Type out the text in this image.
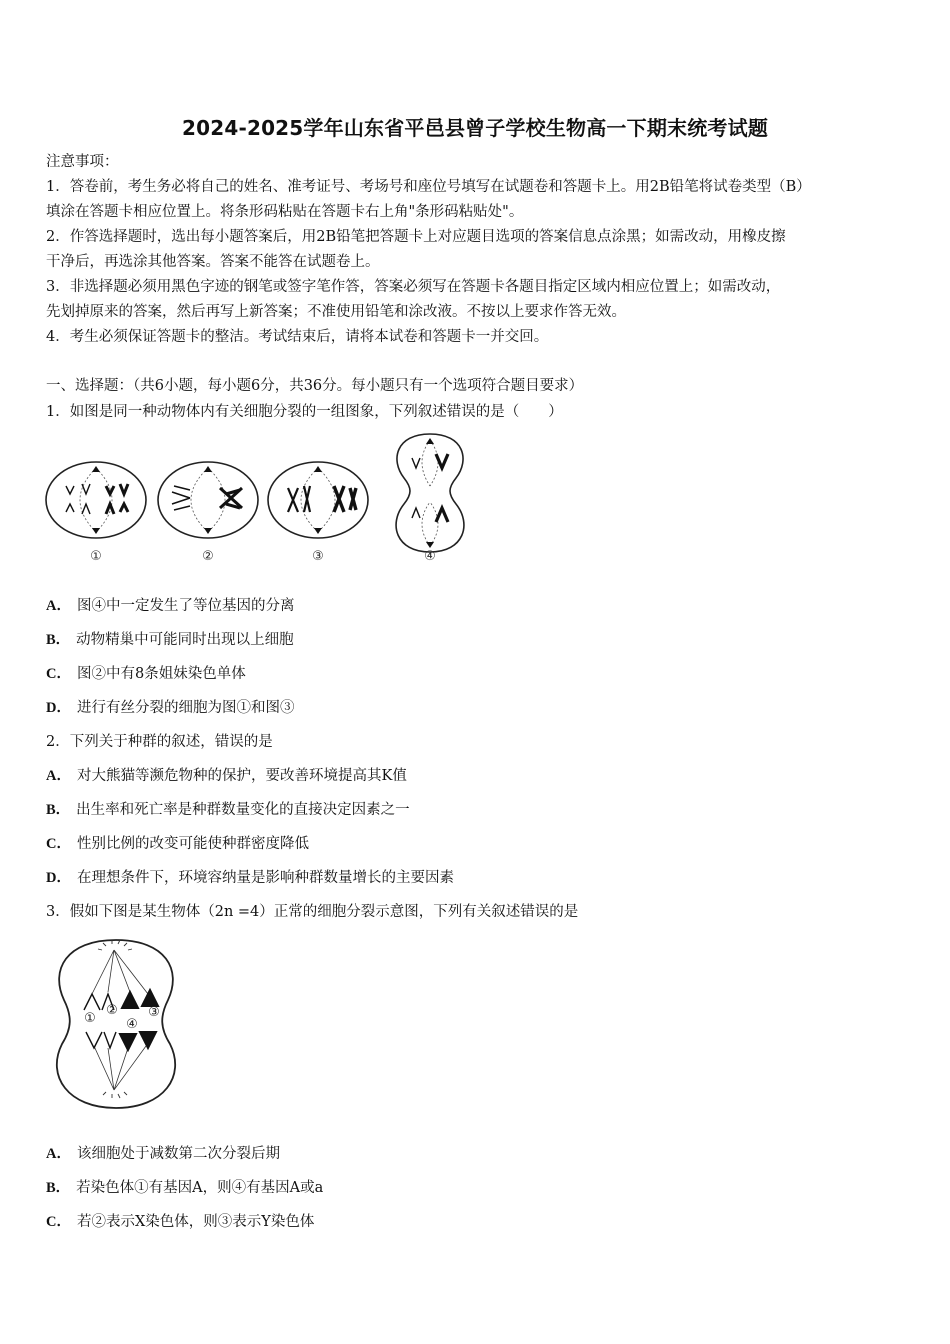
2024-2025学年山东省平邑县曾子学校生物高一下期末统考试题

注意事项：

1．答卷前，考生务必将自己的姓名、准考证号、考场号和座位号填写在试题卷和答题卡上。用2B铅笔将试卷类型（B）

填涂在答题卡相应位置上。将条形码粘贴在答题卡右上角"条形码粘贴处"。

2．作答选择题时，选出每小题答案后，用2B铅笔把答题卡上对应题目选项的答案信息点涂黑；如需改动，用橡皮擦

干净后，再选涂其他答案。答案不能答在试题卷上。

3．非选择题必须用黑色字迹的钢笔或签字笔作答，答案必须写在答题卡各题目指定区域内相应位置上；如需改动，

先划掉原来的答案，然后再写上新答案；不准使用铅笔和涂改液。不按以上要求作答无效。

4．考生必须保证答题卡的整洁。考试结束后，请将本试卷和答题卡一并交回。

一、选择题：（共6小题，每小题6分，共36分。每小题只有一个选项符合题目要求）
1．如图是同一种动物体内有关细胞分裂的一组图象，下列叙述错误的是（　　）
①	②	③	④
A． 图④中一定发生了等位基因的分离
B． 动物精巢中可能同时出现以上细胞
C． 图②中有8条姐妹染色单体
D． 进行有丝分裂的细胞为图①和图③
2．下列关于种群的叙述，错误的是
A． 对大熊猫等濒危物种的保护，要改善环境提高其K值
B． 出生率和死亡率是种群数量变化的直接决定因素之一
C． 性别比例的改变可能使种群密度降低
D． 在理想条件下，环境容纳量是影响种群数量增长的主要因素
3．假如下图是某生物体（2n =4）正常的细胞分裂示意图，下列有关叙述错误的是
①
② ③
④
A． 该细胞处于减数第二次分裂后期
B． 若染色体①有基因A，则④有基因A或a
C． 若②表示X染色体，则③表示Y染色体
